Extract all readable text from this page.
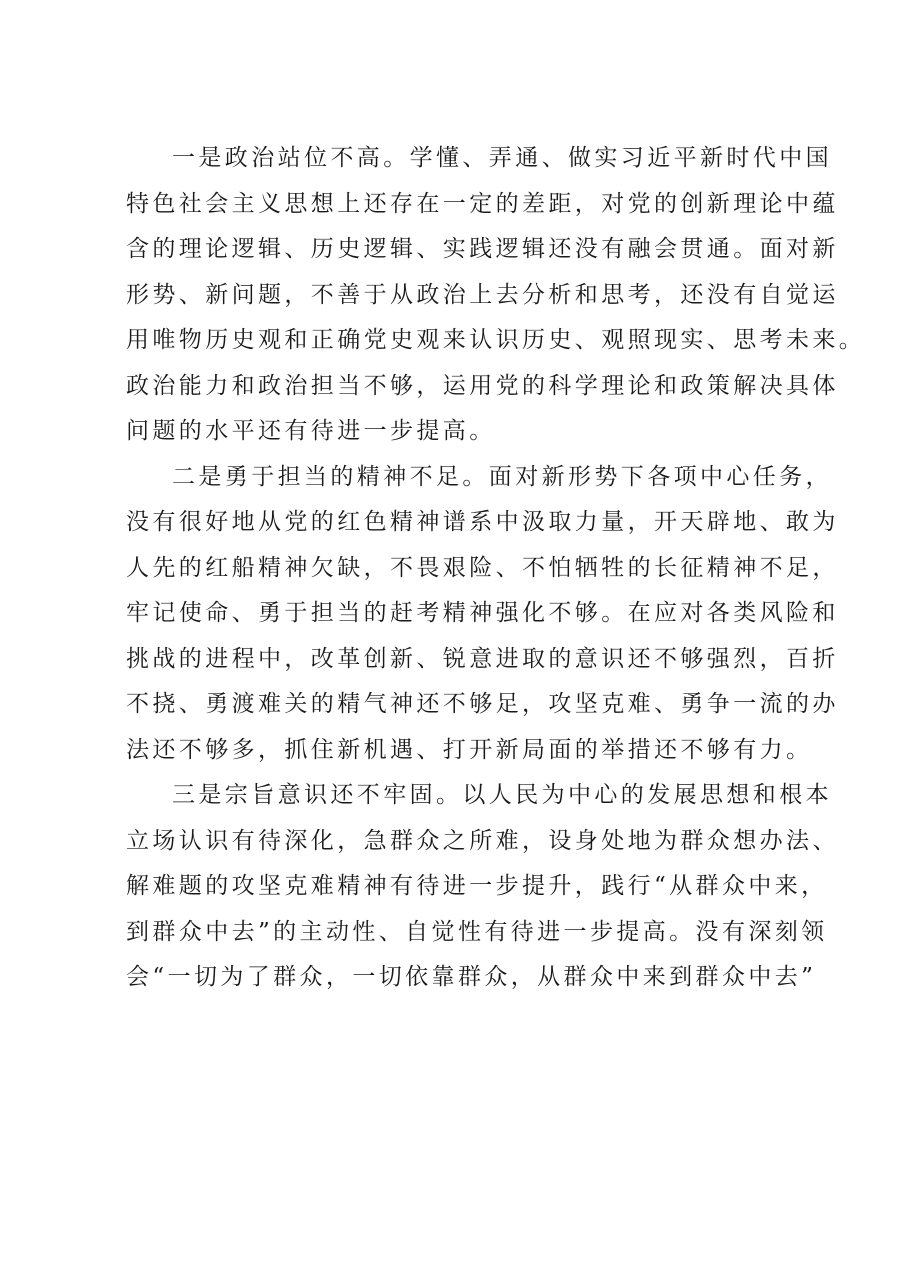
一是政治站位不高。学懂、弄通、做实习近平新时代中国
特色社会主义思想上还存在一定的差距，对党的创新理论中蕴
含的理论逻辑、历史逻辑、实践逻辑还没有融会贯通。面对新
形势、新问题，不善于从政治上去分析和思考，还没有自觉运
用唯物历史观和正确党史观来认识历史、观照现实、思考未来。
政治能力和政治担当不够，运用党的科学理论和政策解决具体
问题的水平还有待进一步提高。
二是勇于担当的精神不足。面对新形势下各项中心任务，
没有很好地从党的红色精神谱系中汲取力量，开天辟地、敢为
人先的红船精神欠缺，不畏艰险、不怕牺牲的长征精神不足，
牢记使命、勇于担当的赶考精神强化不够。在应对各类风险和
挑战的进程中，改革创新、锐意进取的意识还不够强烈，百折
不挠、勇渡难关的精气神还不够足，攻坚克难、勇争一流的办
法还不够多，抓住新机遇、打开新局面的举措还不够有力。
三是宗旨意识还不牢固。以人民为中心的发展思想和根本
立场认识有待深化，急群众之所难，设身处地为群众想办法、
解难题的攻坚克难精神有待进一步提升，践行“从群众中来，
到群众中去”的主动性、自觉性有待进一步提高。没有深刻领
会“一切为了群众，一切依靠群众，从群众中来到群众中去”
